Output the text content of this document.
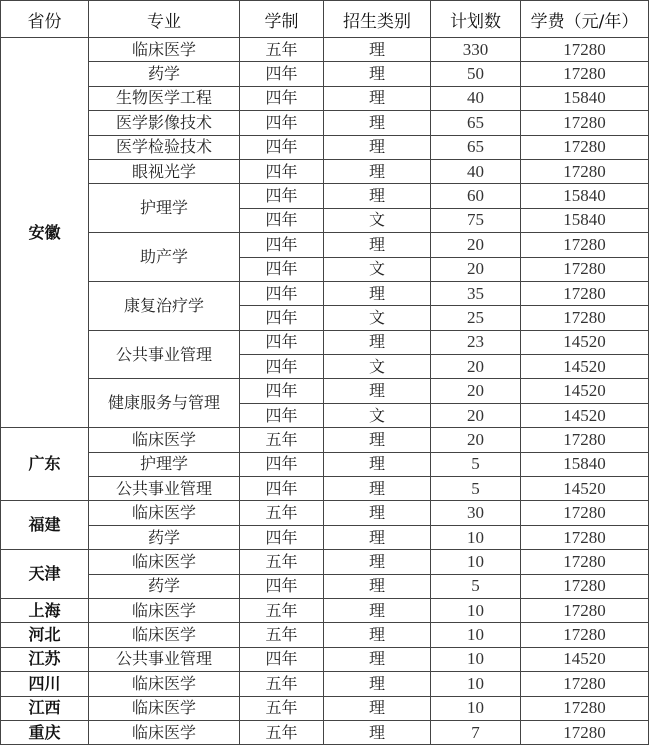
省份	专业	学制	招生类别	计划数	学费（元/年）
安徽	临床医学	五年	理	330	17280
	药学	四年	理	50	17280
	生物医学工程	四年	理	40	15840
	医学影像技术	四年	理	65	17280
	医学检验技术	四年	理	65	17280
	眼视光学	四年	理	40	17280
	护理学	四年	理	60	15840
		四年	文	75	15840
	助产学	四年	理	20	17280
		四年	文	20	17280
	康复治疗学	四年	理	35	17280
		四年	文	25	17280
	公共事业管理	四年	理	23	14520
		四年	文	20	14520
	健康服务与管理	四年	理	20	14520
		四年	文	20	14520
广东	临床医学	五年	理	20	17280
	护理学	四年	理	5	15840
	公共事业管理	四年	理	5	14520
福建	临床医学	五年	理	30	17280
	药学	四年	理	10	17280
天津	临床医学	五年	理	10	17280
	药学	四年	理	5	17280
上海	临床医学	五年	理	10	17280
河北	临床医学	五年	理	10	17280
江苏	公共事业管理	四年	理	10	14520
四川	临床医学	五年	理	10	17280
江西	临床医学	五年	理	10	17280
重庆	临床医学	五年	理	7	17280
